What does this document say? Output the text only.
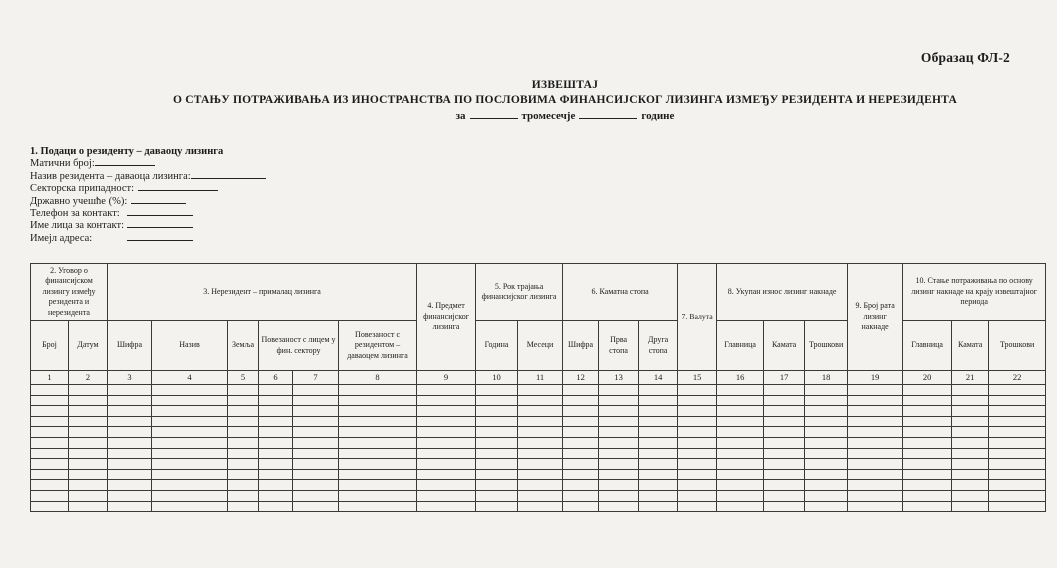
Образац ФЛ-2
ИЗВЕШТАЈ
О СТАЊУ ПОТРАЖИВАЊА ИЗ ИНОСТРАНСТВА ПО ПОСЛОВИМА ФИНАНСИЈСКОГ ЛИЗИНГА ИЗМЕЂУ РЕЗИДЕНТА И НЕРЕЗИДЕНТА
за	тромесечје	године
1. Подаци о резиденту – даваоцу лизинга
Матични број:
Назив резидента – даваоца лизинга:
Секторска припадност:
Државно учешће (%):
Телефон за контакт:
Име лица за контакт:
Имејл адреса:
2. Уговор о финансијском лизингу између резидента и нерезидента		3. Нерезидент – прималац лизинга						4. Предмет финансијског лизинга	5. Рок трајања финансијског лизинга		6. Каматна стопа			7. Валута	8. Укупан износ лизинг накнаде			9. Број рата лизинг накнаде	10. Стање потраживања по основу лизинг накнаде на крају извештајног периода		
Број	Датум	Шифра	Назив	Земља	Повезаност с лицем у фин. сектору		Повезаност с резидентом – даваоцем лизинга		Година	Месеци	Шифра	Прва стопа	Друга стопа		Главница	Камата	Трошкови		Главница	Камата	Трошкови
1	2	3	4	5	6	7	8	9	10	11	12	13	14	15	16	17	18	19	20	21	22
